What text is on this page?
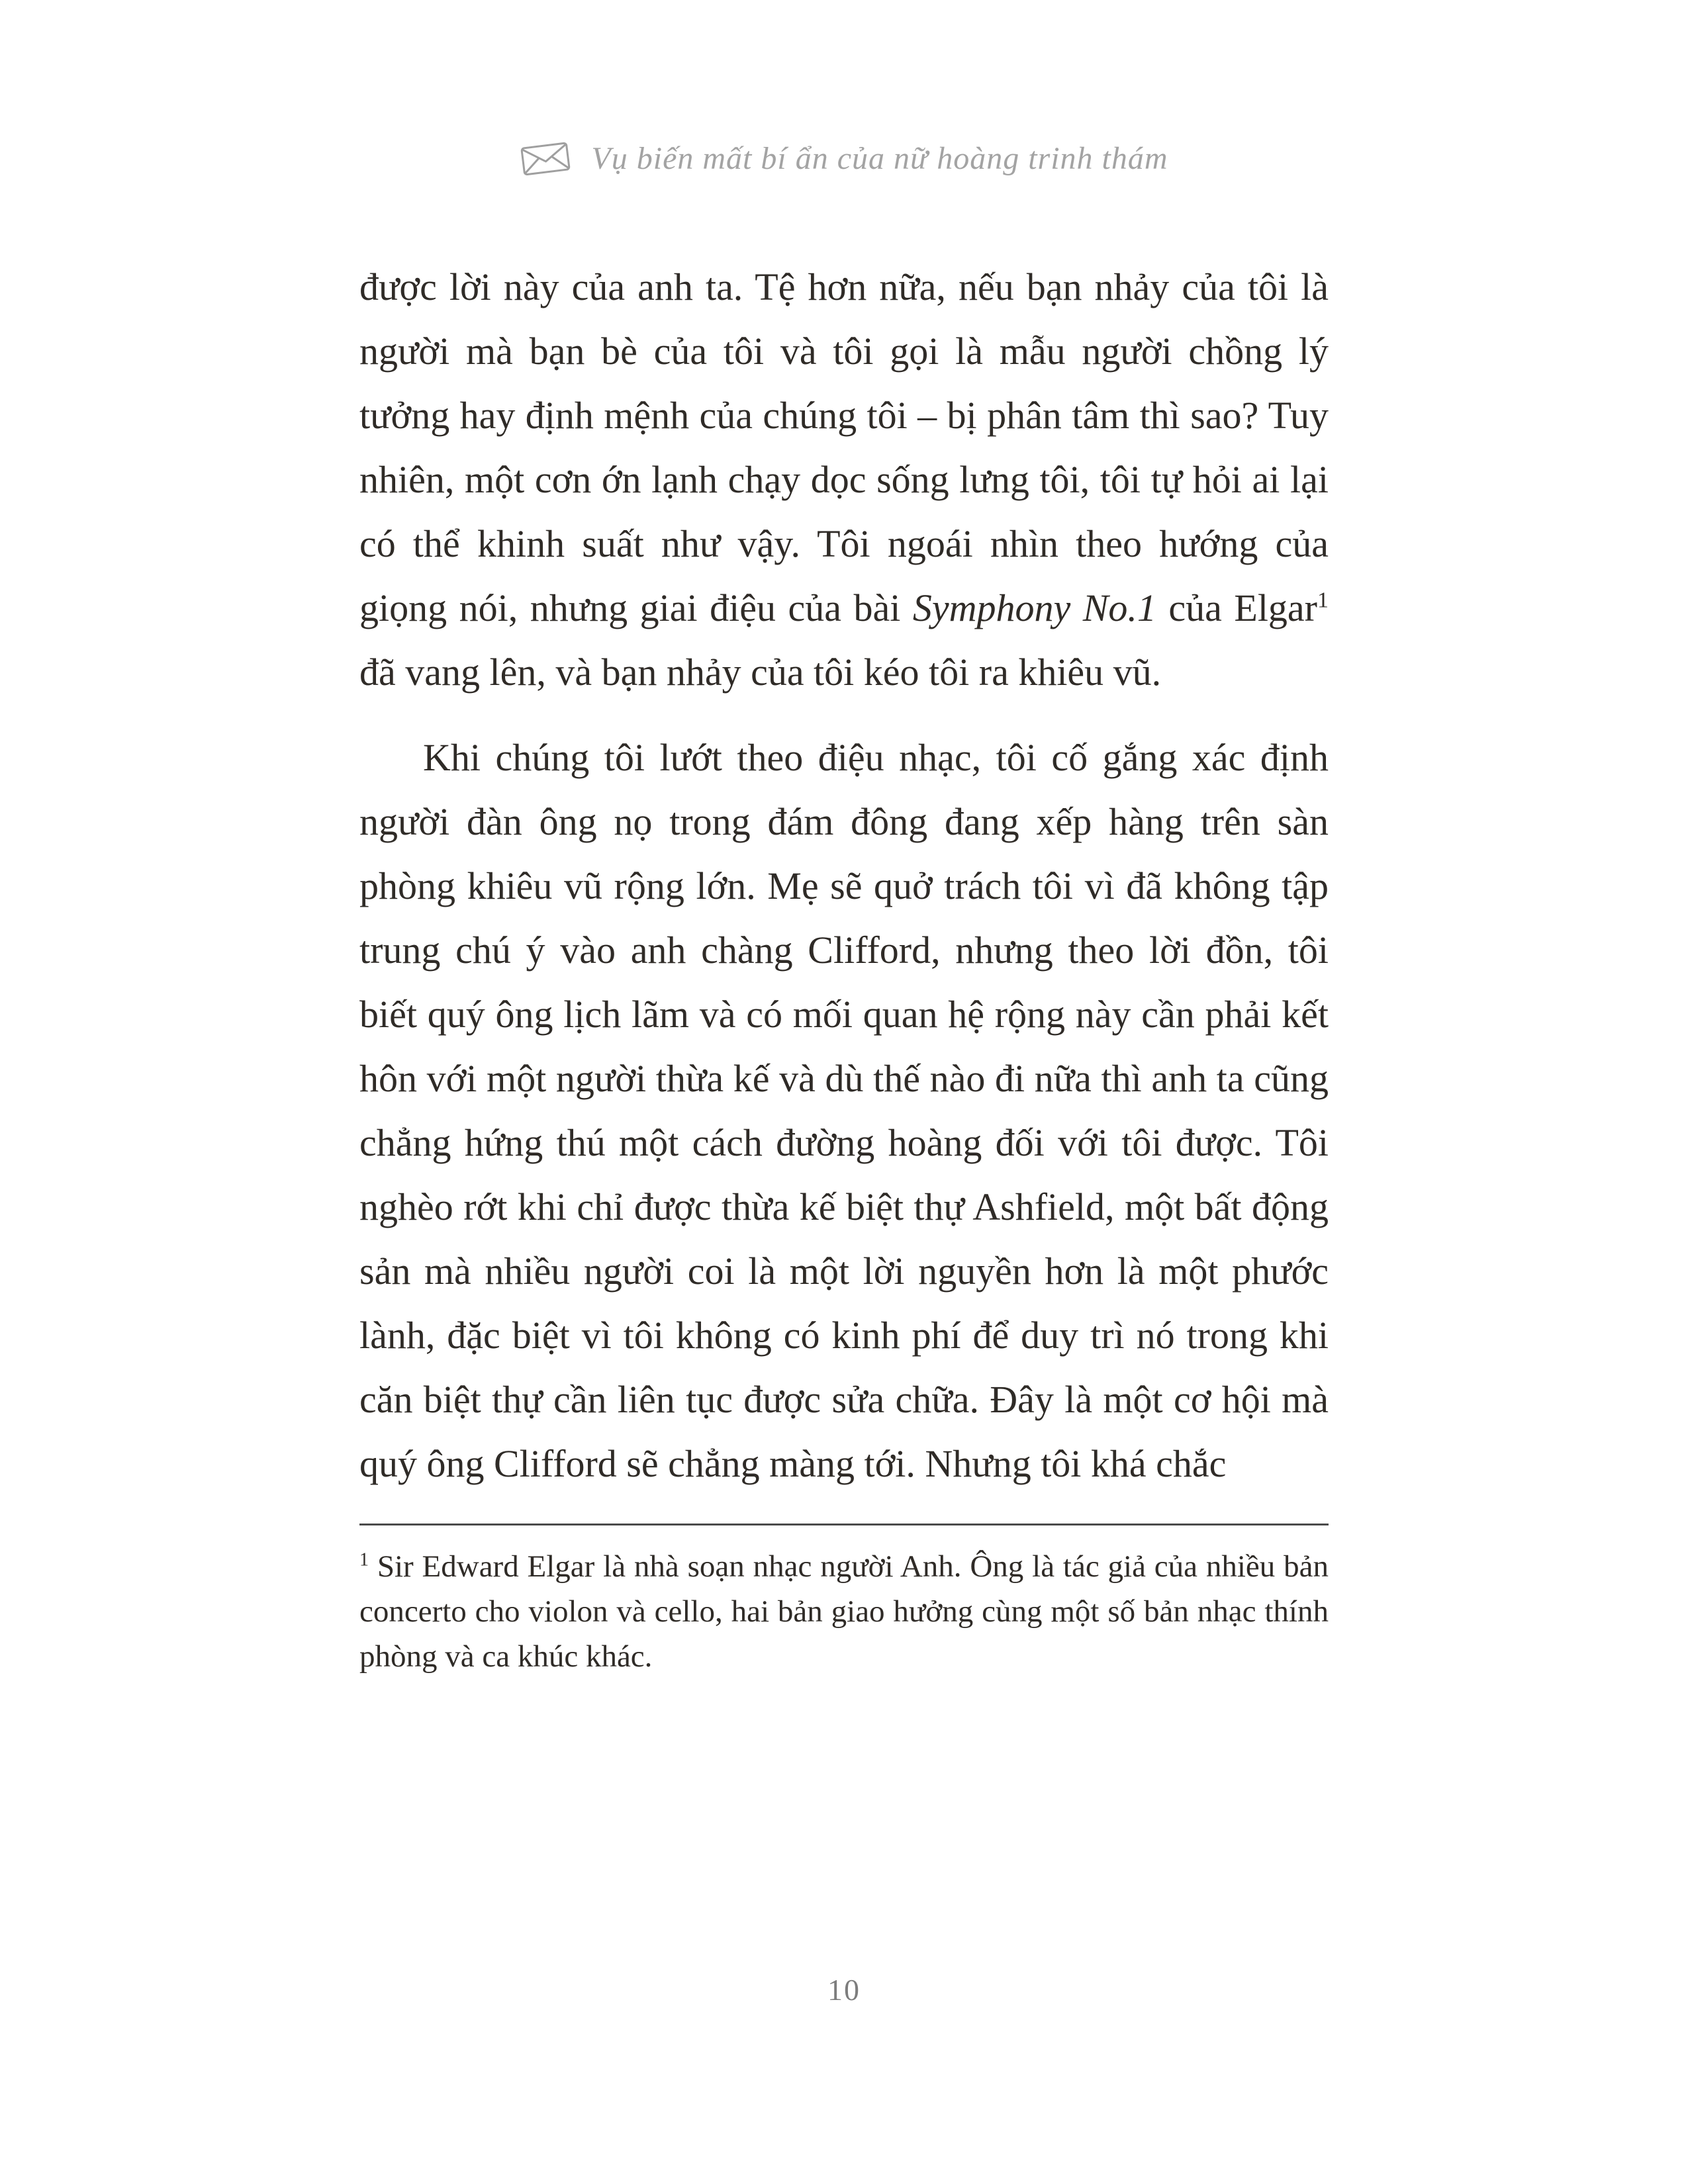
Vụ biến mất bí ẩn của nữ hoàng trinh thám

được lời này của anh ta. Tệ hơn nữa, nếu bạn nhảy của tôi là người mà bạn bè của tôi và tôi gọi là mẫu người chồng lý tưởng hay định mệnh của chúng tôi – bị phân tâm thì sao? Tuy nhiên, một cơn ớn lạnh chạy dọc sống lưng tôi, tôi tự hỏi ai lại có thể khinh suất như vậy. Tôi ngoái nhìn theo hướng của giọng nói, nhưng giai điệu của bài Symphony No.1 của Elgar$^1$ đã vang lên, và bạn nhảy của tôi kéo tôi ra khiêu vũ.

Khi chúng tôi lướt theo điệu nhạc, tôi cố gắng xác định người đàn ông nọ trong đám đông đang xếp hàng trên sàn phòng khiêu vũ rộng lớn. Mẹ sẽ quở trách tôi vì đã không tập trung chú ý vào anh chàng Clifford, nhưng theo lời đồn, tôi biết quý ông lịch lãm và có mối quan hệ rộng này cần phải kết hôn với một người thừa kế và dù thế nào đi nữa thì anh ta cũng chẳng hứng thú một cách đường hoàng đối với tôi được. Tôi nghèo rớt khi chỉ được thừa kế biệt thự Ashfield, một bất động sản mà nhiều người coi là một lời nguyền hơn là một phước lành, đặc biệt vì tôi không có kinh phí để duy trì nó trong khi căn biệt thự cần liên tục được sửa chữa. Đây là một cơ hội mà quý ông Clifford sẽ chẳng màng tới. Nhưng tôi khá chắc

$^1$ Sir Edward Elgar là nhà soạn nhạc người Anh. Ông là tác giả của nhiều bản concerto cho violon và cello, hai bản giao hưởng cùng một số bản nhạc thính phòng và ca khúc khác.

10
